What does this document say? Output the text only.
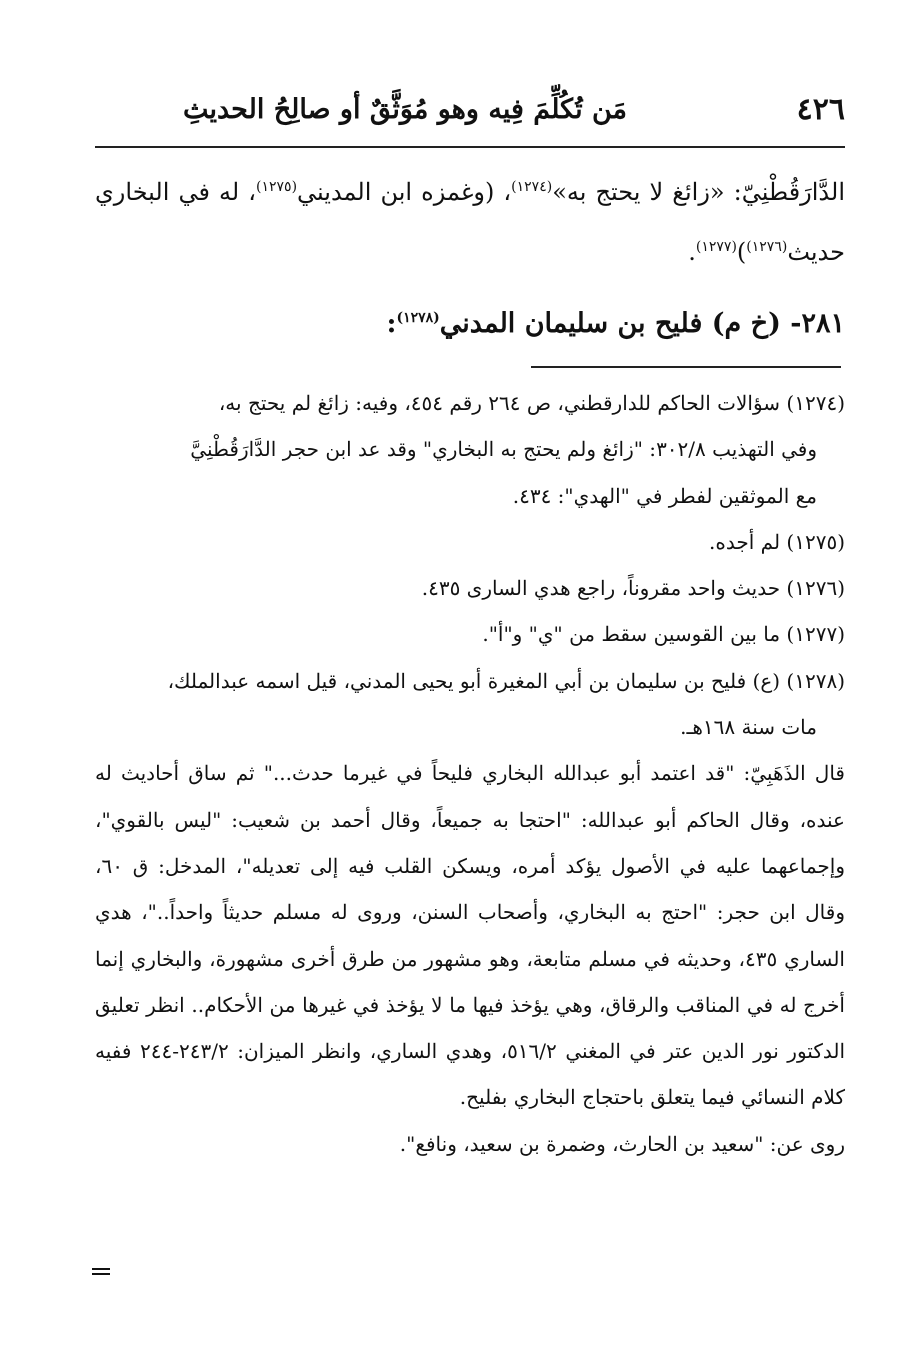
٤٢٦
مَن تُكُلِّمَ فِيه وهو مُوَثَّقٌ أو صالِحُ الحديثِ
الدَّارَقُطْنِيّ: «زائغ لا يحتج به»$^{(١٢٧٤)}$، (وغمزه ابن المديني$^{(١٢٧٥)}$، له في البخاري حديث$^{(١٢٧٦)}$)$^{(١٢٧٧)}$.
٢٨١- (خ م) فليح بن سليمان المدني$^{(١٢٧٨)}$:
(١٢٧٤) سؤالات الحاكم للدارقطني، ص ٢٦٤ رقم ٤٥٤، وفيه: زائغ لم يحتج به،
وفي التهذيب ٣٠٢/٨: "زائغ ولم يحتج به البخاري" وقد عد ابن حجر الدَّارَقُطْنِيَّ
مع الموثقين لفطر في "الهدي": ٤٣٤.
(١٢٧٥) لم أجده.
(١٢٧٦) حديث واحد مقروناً، راجع هدي السارى ٤٣٥.
(١٢٧٧) ما بين القوسين سقط من "ي" و"أ".
(١٢٧٨) (ع) فليح بن سليمان بن أبي المغيرة أبو يحيى المدني، قيل اسمه عبدالملك،
مات سنة ١٦٨هـ.
قال الذَهَبِيّ: "قد اعتمد أبو عبدالله البخاري فليحاً في غيرما حدث..." ثم ساق أحاديث له عنده، وقال الحاكم أبو عبدالله: "احتجا به جميعاً، وقال أحمد بن شعيب: "ليس بالقوي"، وإجماعهما عليه في الأصول يؤكد أمره، ويسكن القلب فيه إلى تعديله"، المدخل: ق ٦٠، وقال ابن حجر: "احتج به البخاري، وأصحاب السنن، وروى له مسلم حديثاً واحداً.."، هدي الساري ٤٣٥، وحديثه في مسلم متابعة، وهو مشهور من طرق أخرى مشهورة، والبخاري إنما أخرج له في المناقب والرقاق، وهي يؤخذ فيها ما لا يؤخذ في غيرها من الأحكام.. انظر تعليق الدكتور نور الدين عتر في المغني ٥١٦/٢، وهدي الساري، وانظر الميزان: ٢٤٣/٢-٢٤٤ ففيه كلام النسائي فيما يتعلق باحتجاج البخاري بفليح.
روى عن: "سعيد بن الحارث، وضمرة بن سعيد، ونافع".
